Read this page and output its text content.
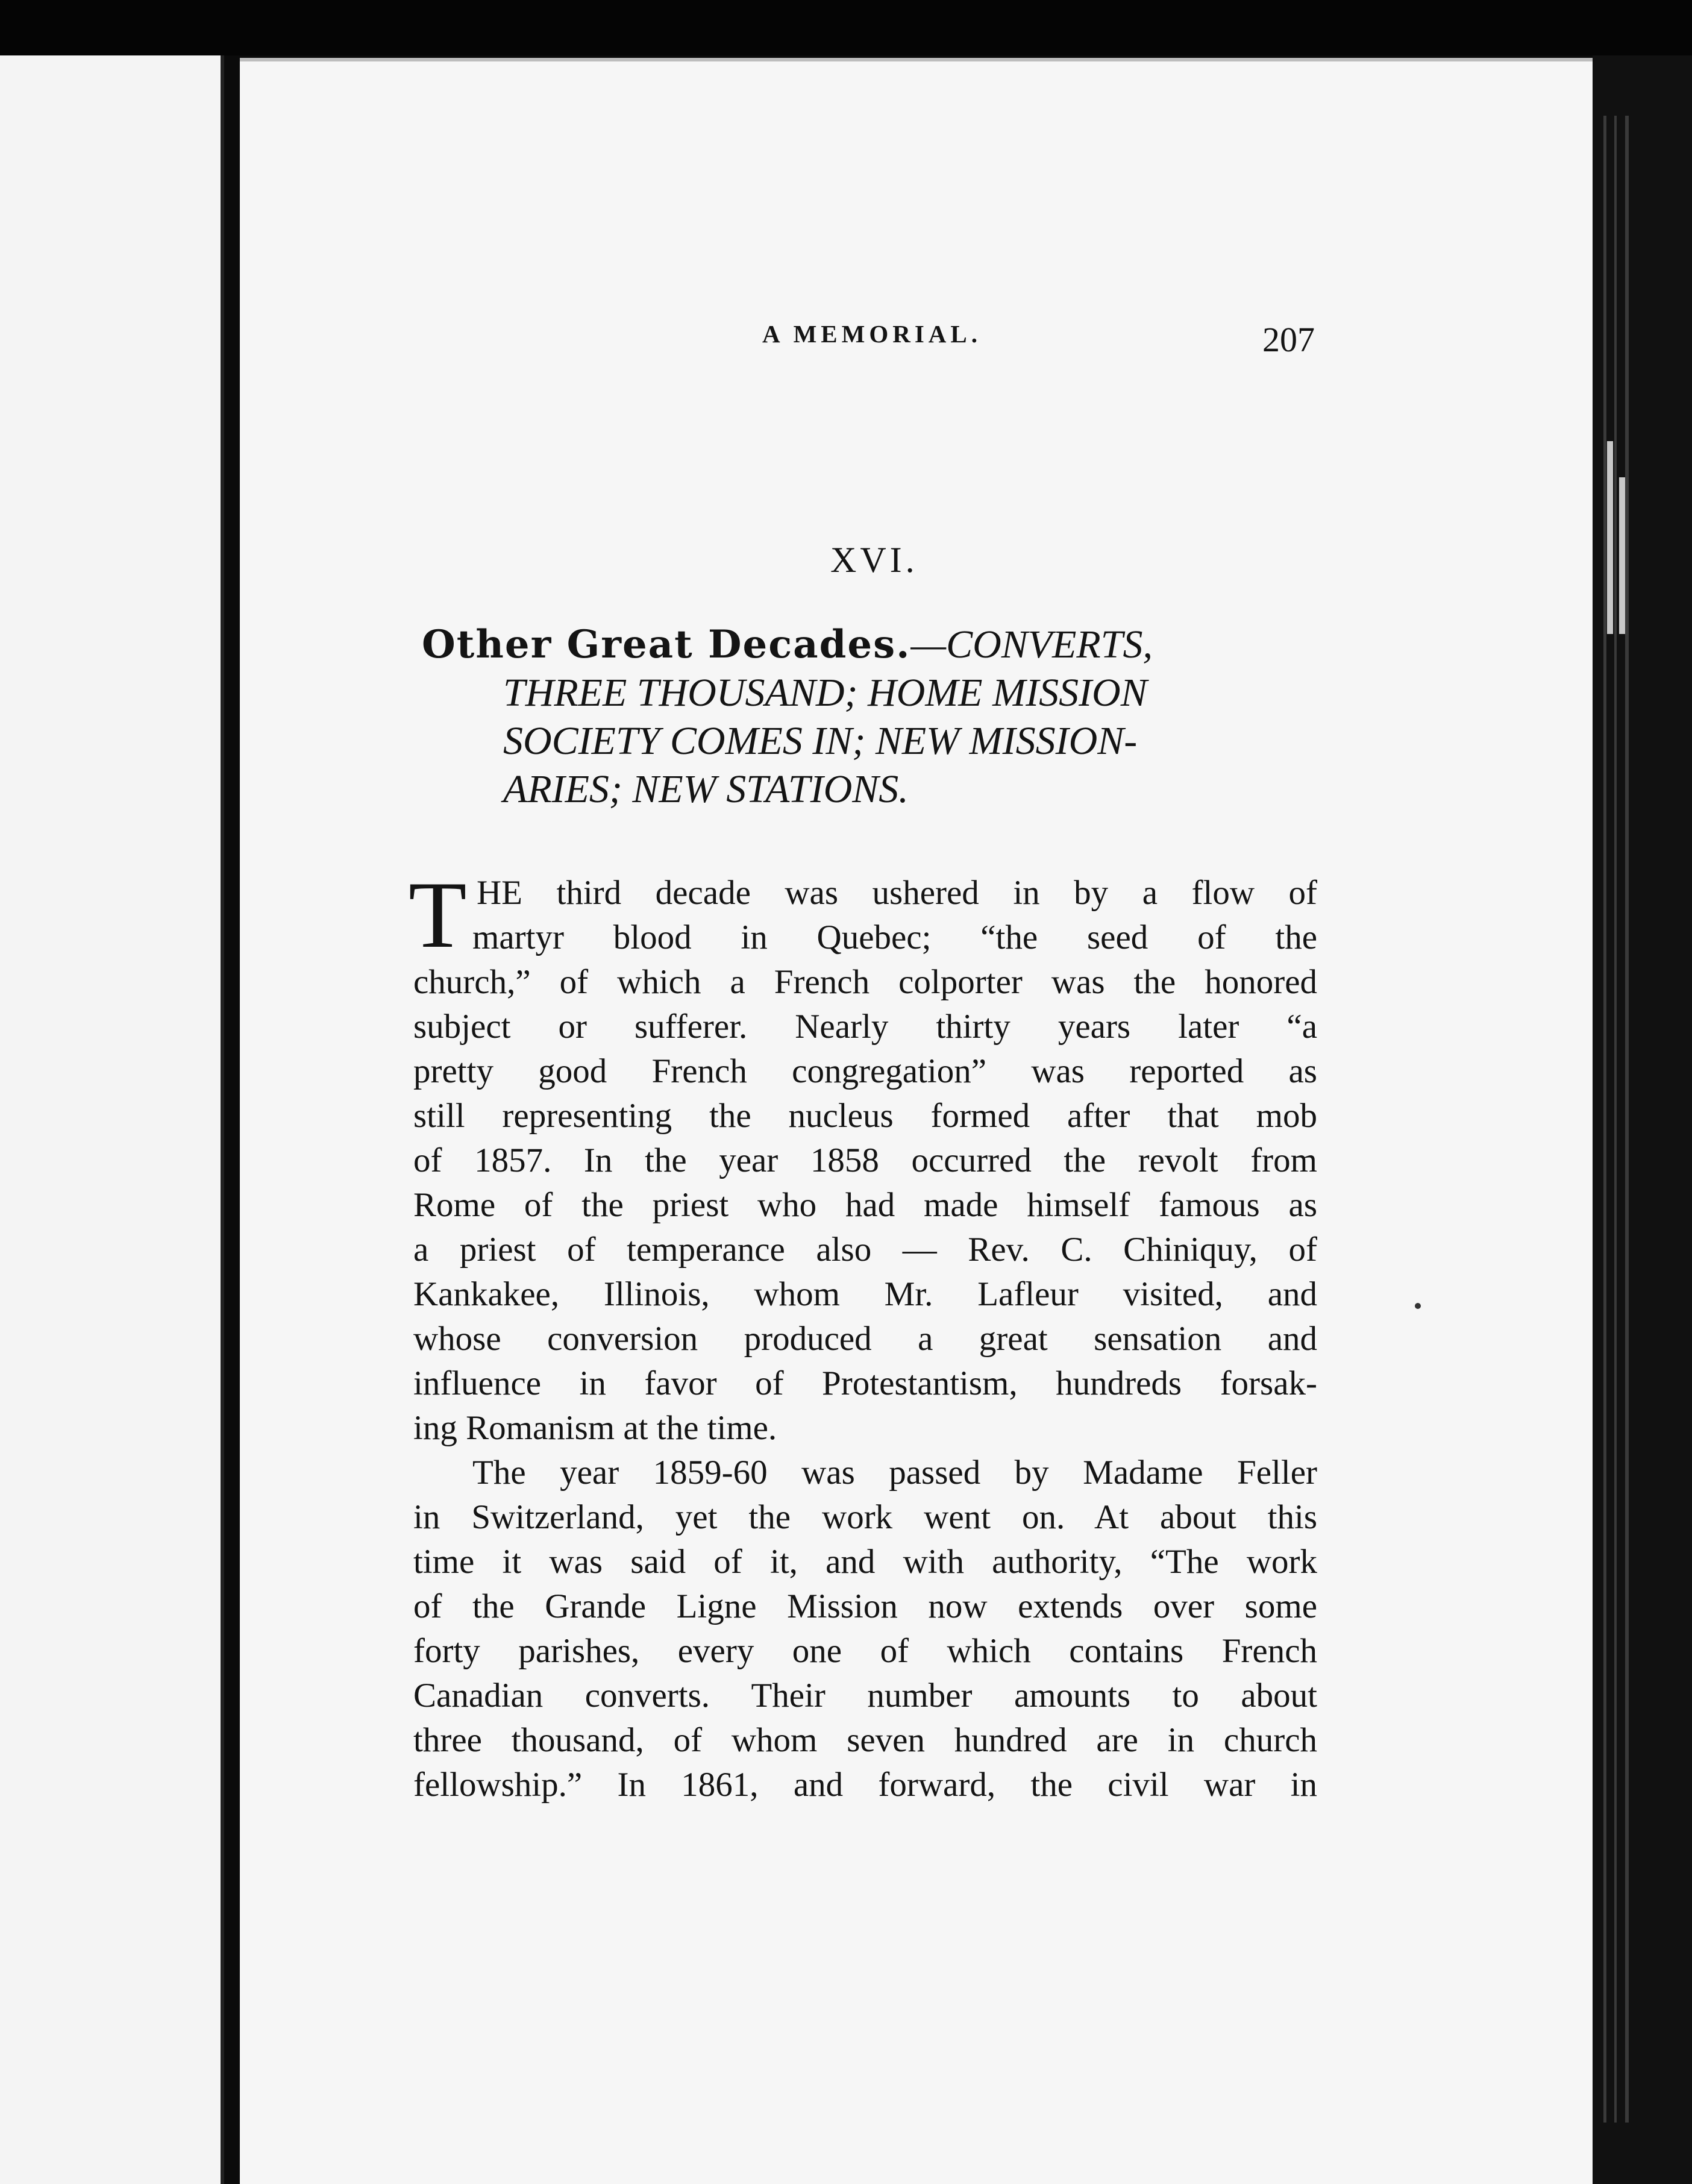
A MEMORIAL.	207
XVI.
Other Great Decades.—CONVERTS,
THREE THOUSAND; HOME MISSION
SOCIETY COMES IN; NEW MISSION-
ARIES; NEW STATIONS.
T HE third decade was ushered in by a flow of
martyr blood in Quebec; “the seed of the
church,” of which a French colporter was the honored
subject or sufferer. Nearly thirty years later “a
pretty good French congregation” was reported as
still representing the nucleus formed after that mob
of 1857. In the year 1858 occurred the revolt from
Rome of the priest who had made himself famous as
a priest of temperance also — Rev. C. Chiniquy, of
Kankakee, Illinois, whom Mr. Lafleur visited, and
whose conversion produced a great sensation and
influence in favor of Protestantism, hundreds forsak-
ing Romanism at the time.
The year 1859-60 was passed by Madame Feller
in Switzerland, yet the work went on. At about this
time it was said of it, and with authority, “The work
of the Grande Ligne Mission now extends over some
forty parishes, every one of which contains French
Canadian converts. Their number amounts to about
three thousand, of whom seven hundred are in church
fellowship.” In 1861, and forward, the civil war in
